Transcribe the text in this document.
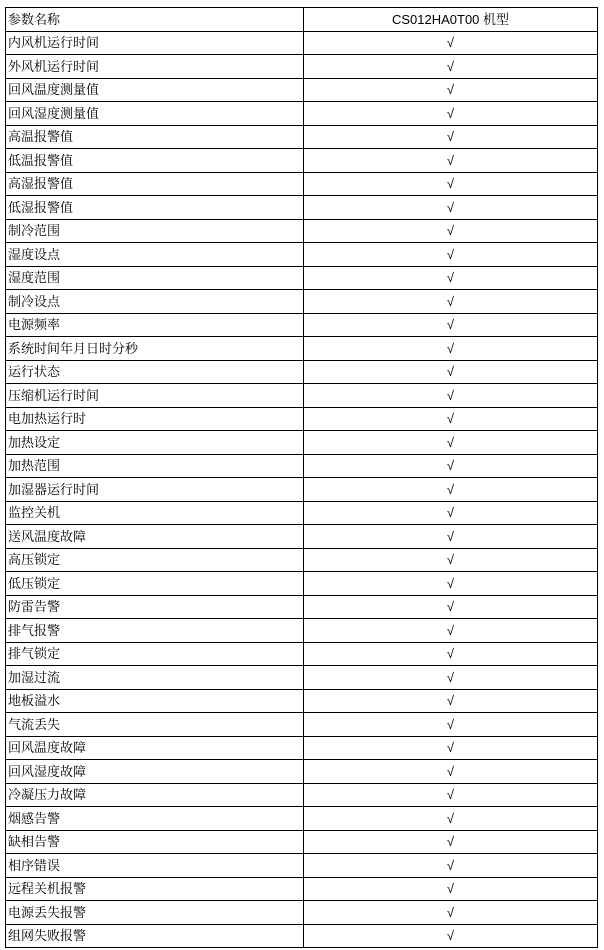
参数名称	CS012HA0T00 机型
内风机运行时间	√
外风机运行时间	√
回风温度测量值	√
回风湿度测量值	√
高温报警值	√
低温报警值	√
高湿报警值	√
低湿报警值	√
制冷范围	√
湿度设点	√
湿度范围	√
制冷设点	√
电源频率	√
系统时间年月日时分秒	√
运行状态	√
压缩机运行时间	√
电加热运行时	√
加热设定	√
加热范围	√
加湿器运行时间	√
监控关机	√
送风温度故障	√
高压锁定	√
低压锁定	√
防雷告警	√
排气报警	√
排气锁定	√
加湿过流	√
地板溢水	√
气流丢失	√
回风温度故障	√
回风湿度故障	√
冷凝压力故障	√
烟感告警	√
缺相告警	√
相序错误	√
远程关机报警	√
电源丢失报警	√
组网失败报警	√
